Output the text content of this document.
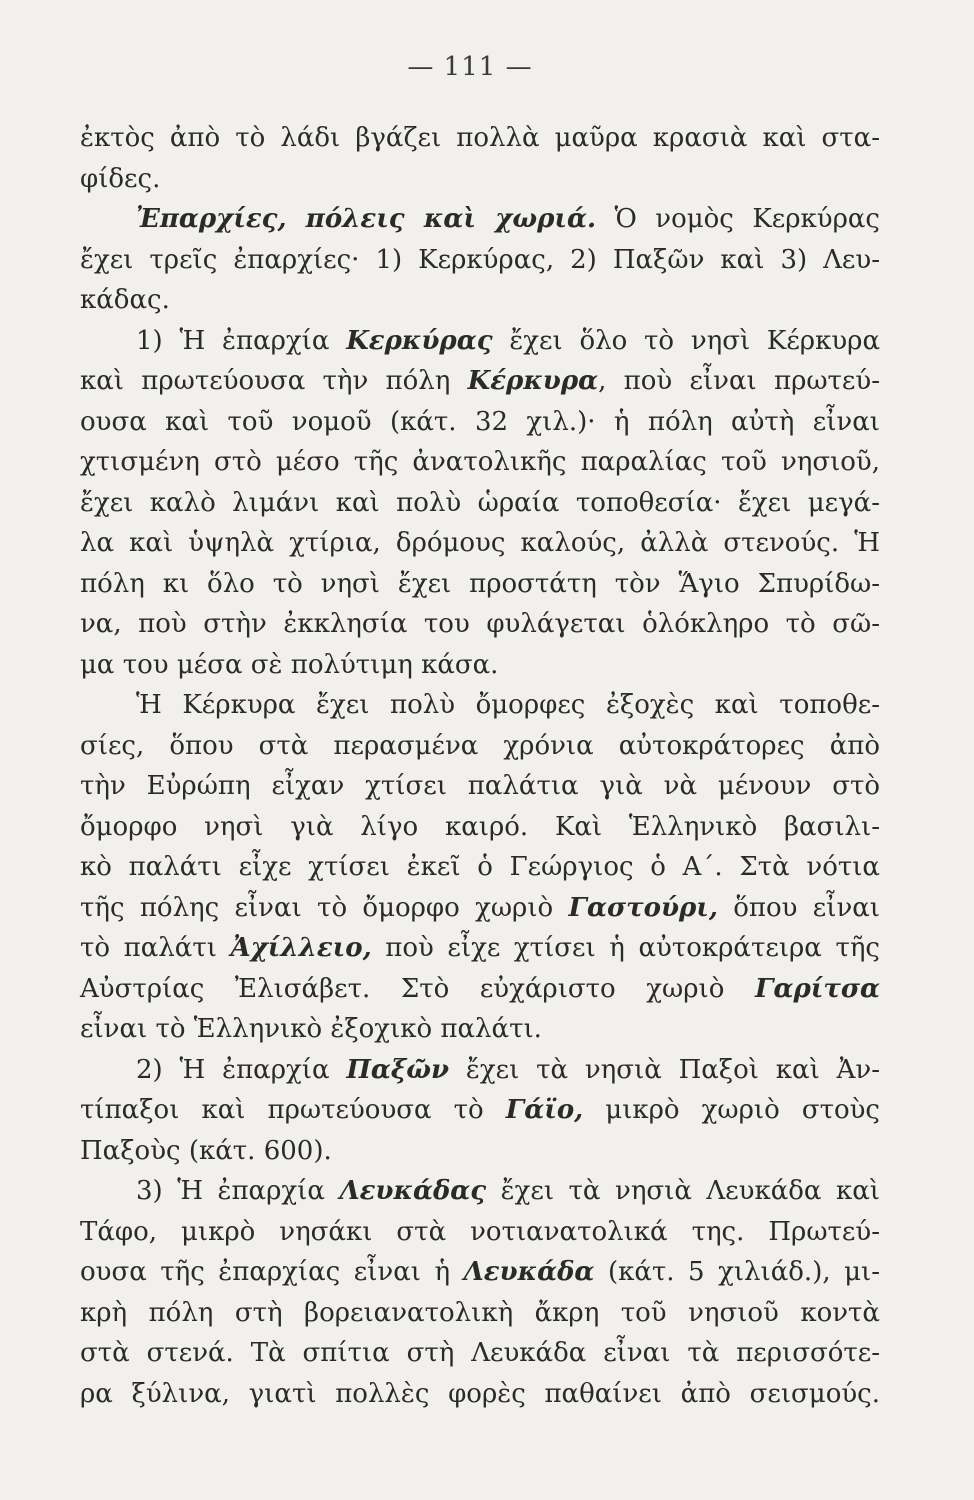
— 111 —
ἐκτὸς ἀπὸ τὸ λάδι βγάζει πολλὰ μαῦρα κρασιὰ καὶ στα-
φίδες.
Ἐπαρχίες, πόλεις καὶ χωριά. Ὁ νομὸς Κερκύρας
ἔχει τρεῖς ἐπαρχίες· 1) Κερκύρας, 2) Παξῶν καὶ 3) Λευ-
κάδας.
1) Ἡ ἐπαρχία Κερκύρας ἔχει ὅλο τὸ νησὶ Κέρκυρα
καὶ πρωτεύουσα τὴν πόλη Κέρκυρα, ποὺ εἶναι πρωτεύ-
ουσα καὶ τοῦ νομοῦ (κάτ. 32 χιλ.)· ἡ πόλη αὐτὴ εἶναι
χτισμένη στὸ μέσο τῆς ἀνατολικῆς παραλίας τοῦ νησιοῦ,
ἔχει καλὸ λιμάνι καὶ πολὺ ὡραία τοποθεσία· ἔχει μεγά-
λα καὶ ὑψηλὰ χτίρια, δρόμους καλούς, ἀλλὰ στενούς. Ἡ
πόλη κι ὅλο τὸ νησὶ ἔχει προστάτη τὸν Ἅγιο Σπυρίδω-
να, ποὺ στὴν ἐκκλησία του φυλάγεται ὁλόκληρο τὸ σῶ-
μα του μέσα σὲ πολύτιμη κάσα.
Ἡ Κέρκυρα ἔχει πολὺ ὄμορφες ἐξοχὲς καὶ τοποθε-
σίες, ὅπου στὰ περασμένα χρόνια αὐτοκράτορες ἀπὸ
τὴν Εὐρώπη εἶχαν χτίσει παλάτια γιὰ νὰ μένουν στὸ
ὄμορφο νησὶ γιὰ λίγο καιρό. Καὶ Ἑλληνικὸ βασιλι-
κὸ παλάτι εἶχε χτίσει ἐκεῖ ὁ Γεώργιος ὁ Α΄. Στὰ νότια
τῆς πόλης εἶναι τὸ ὄμορφο χωριὸ Γαστούρι, ὅπου εἶναι
τὸ παλάτι Ἀχίλλειο, ποὺ εἶχε χτίσει ἡ αὐτοκράτειρα τῆς
Αὐστρίας Ἐλισάβετ. Στὸ εὐχάριστο χωριὸ Γαρίτσα
εἶναι τὸ Ἑλληνικὸ ἐξοχικὸ παλάτι.
2) Ἡ ἐπαρχία Παξῶν ἔχει τὰ νησιὰ Παξοὶ καὶ Ἀν-
τίπαξοι καὶ πρωτεύουσα τὸ Γάϊο, μικρὸ χωριὸ στοὺς
Παξοὺς (κάτ. 600).
3) Ἡ ἐπαρχία Λευκάδας ἔχει τὰ νησιὰ Λευκάδα καὶ
Τάφο, μικρὸ νησάκι στὰ νοτιανατολικά της. Πρωτεύ-
ουσα τῆς ἐπαρχίας εἶναι ἡ Λευκάδα (κάτ. 5 χιλιάδ.), μι-
κρὴ πόλη στὴ βορειανατολικὴ ἄκρη τοῦ νησιοῦ κοντὰ
στὰ στενά. Τὰ σπίτια στὴ Λευκάδα εἶναι τὰ περισσότε-
ρα ξύλινα, γιατὶ πολλὲς φορὲς παθαίνει ἀπὸ σεισμούς.
